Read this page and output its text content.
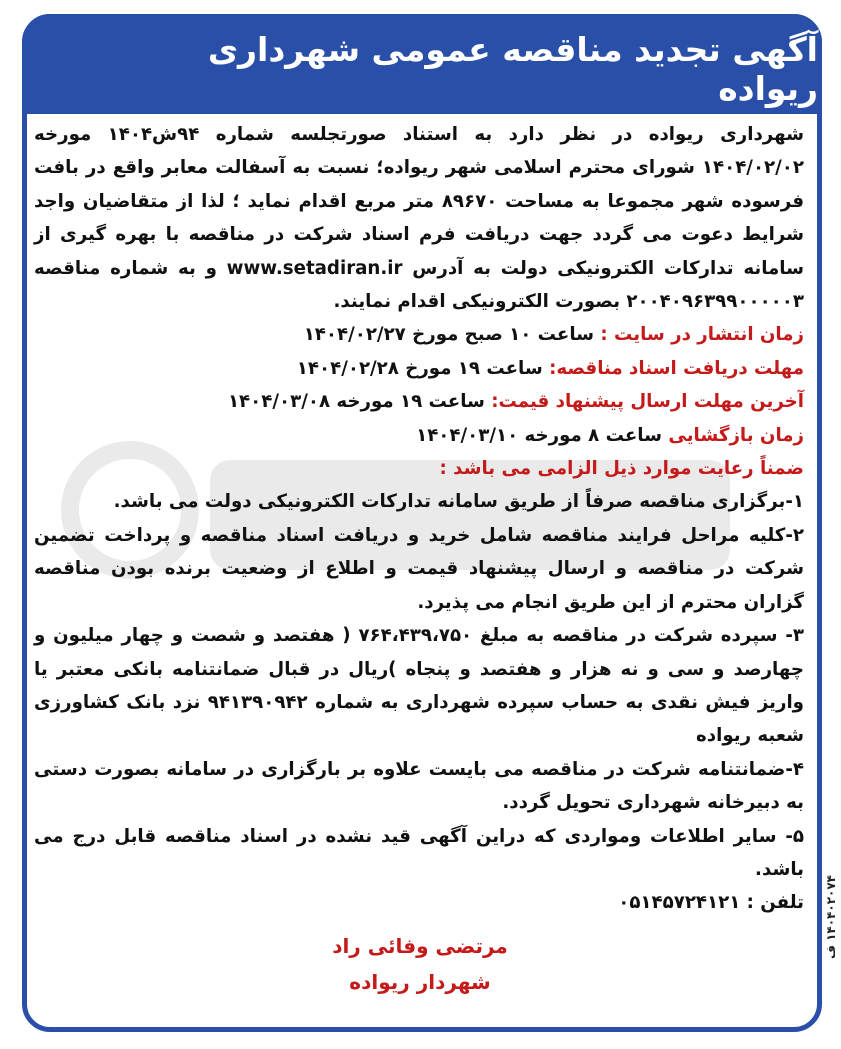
آگهی تجدید مناقصه عمومی شهرداری ریواده

شهرداری ریواده در نظر دارد به استناد صورتجلسه شماره ۹۴ش۱۴۰۴ مورخه ۱۴۰۴/۰۲/۰۲ شورای محترم اسلامی شهر ریواده؛ نسبت به آسفالت معابر واقع در بافت فرسوده شهر مجموعا به مساحت ۸۹۶۷۰ متر مربع اقدام نماید ؛ لذا از متقاضیان واجد شرایط دعوت می گردد جهت دریافت فرم اسناد شرکت در مناقصه با بهره گیری از سامانه تدارکات الکترونیکی دولت به آدرس www.setadiran.ir و به شماره مناقصه ۲۰۰۴۰۹۶۳۹۹۰۰۰۰۰۳ بصورت الکترونیکی اقدام نمایند.

زمان انتشار در سایت : ساعت ۱۰ صبح مورخ ۱۴۰۴/۰۲/۲۷

مهلت دریافت اسناد مناقصه: ساعت ۱۹ مورخ ۱۴۰۴/۰۲/۲۸

آخرین مهلت ارسال پیشنهاد قیمت: ساعت ۱۹ مورخه ۱۴۰۴/۰۳/۰۸

زمان بازگشایی ساعت ۸ مورخه ۱۴۰۴/۰۳/۱۰

ضمناً رعایت موارد ذیل الزامی می باشد :

۱-برگزاری مناقصه صرفاً از طریق سامانه تدارکات الکترونیکی دولت می باشد.

۲-کلیه مراحل فرایند مناقصه شامل خرید و دریافت اسناد مناقصه و پرداخت تضمین شرکت در مناقصه و ارسال پیشنهاد قیمت و اطلاع از وضعیت برنده بودن مناقصه گزاران محترم از این طریق انجام می پذیرد.

۳- سپرده شرکت در مناقصه به مبلغ ۷۶۴،۴۳۹،۷۵۰ ( هفتصد و شصت و چهار میلیون و چهارصد و سی و نه هزار و هفتصد و پنجاه )ریال در قبال ضمانتنامه بانکی معتبر یا واریز فیش نقدی به حساب سپرده شهرداری به شماره ۹۴۱۳۹۰۹۴۲ نزد بانک کشاورزی شعبه ریواده

۴-ضمانتنامه شرکت در مناقصه می بایست علاوه بر بارگزاری در سامانه بصورت دستی به دبیرخانه شهرداری تحویل گردد.

۵- سایر اطلاعات وموارد‌ی که دراین آگهی قید نشده در اسناد مناقصه قابل درج می باشد.

تلفن : ۰۵۱۴۵۷۲۴۱۲۱

مرتضی وفائی راد
شهردار ریواده
۱۴۰۴۰۲۰۷۴ ف
